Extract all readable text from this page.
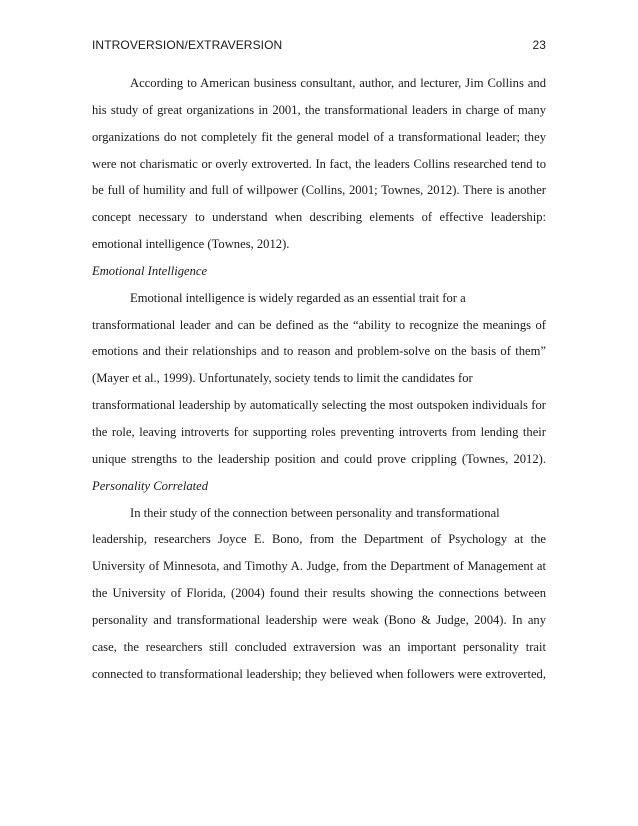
INTROVERSION/EXTRAVERSION	23
According to American business consultant, author, and lecturer, Jim Collins and
his study of great organizations in 2001, the transformational leaders in charge of many
organizations do not completely fit the general model of a transformational leader; they
were not charismatic or overly extroverted. In fact, the leaders Collins researched tend to
be full of humility and full of willpower (Collins, 2001; Townes, 2012). There is another
concept necessary to understand when describing elements of effective leadership:
emotional intelligence (Townes, 2012).
Emotional Intelligence
Emotional intelligence is widely regarded as an essential trait for a
transformational leader and can be defined as the “ability to recognize the meanings of
emotions and their relationships and to reason and problem-solve on the basis of them”
(Mayer et al., 1999). Unfortunately, society tends to limit the candidates for
transformational leadership by automatically selecting the most outspoken individuals for
the role, leaving introverts for supporting roles preventing introverts from lending their
unique strengths to the leadership position and could prove crippling (Townes, 2012).
Personality Correlated
In their study of the connection between personality and transformational
leadership, researchers Joyce E. Bono, from the Department of Psychology at the
University of Minnesota, and Timothy A. Judge, from the Department of Management at
the University of Florida, (2004) found their results showing the connections between
personality and transformational leadership were weak (Bono & Judge, 2004). In any
case, the researchers still concluded extraversion was an important personality trait
connected to transformational leadership; they believed when followers were extroverted,
